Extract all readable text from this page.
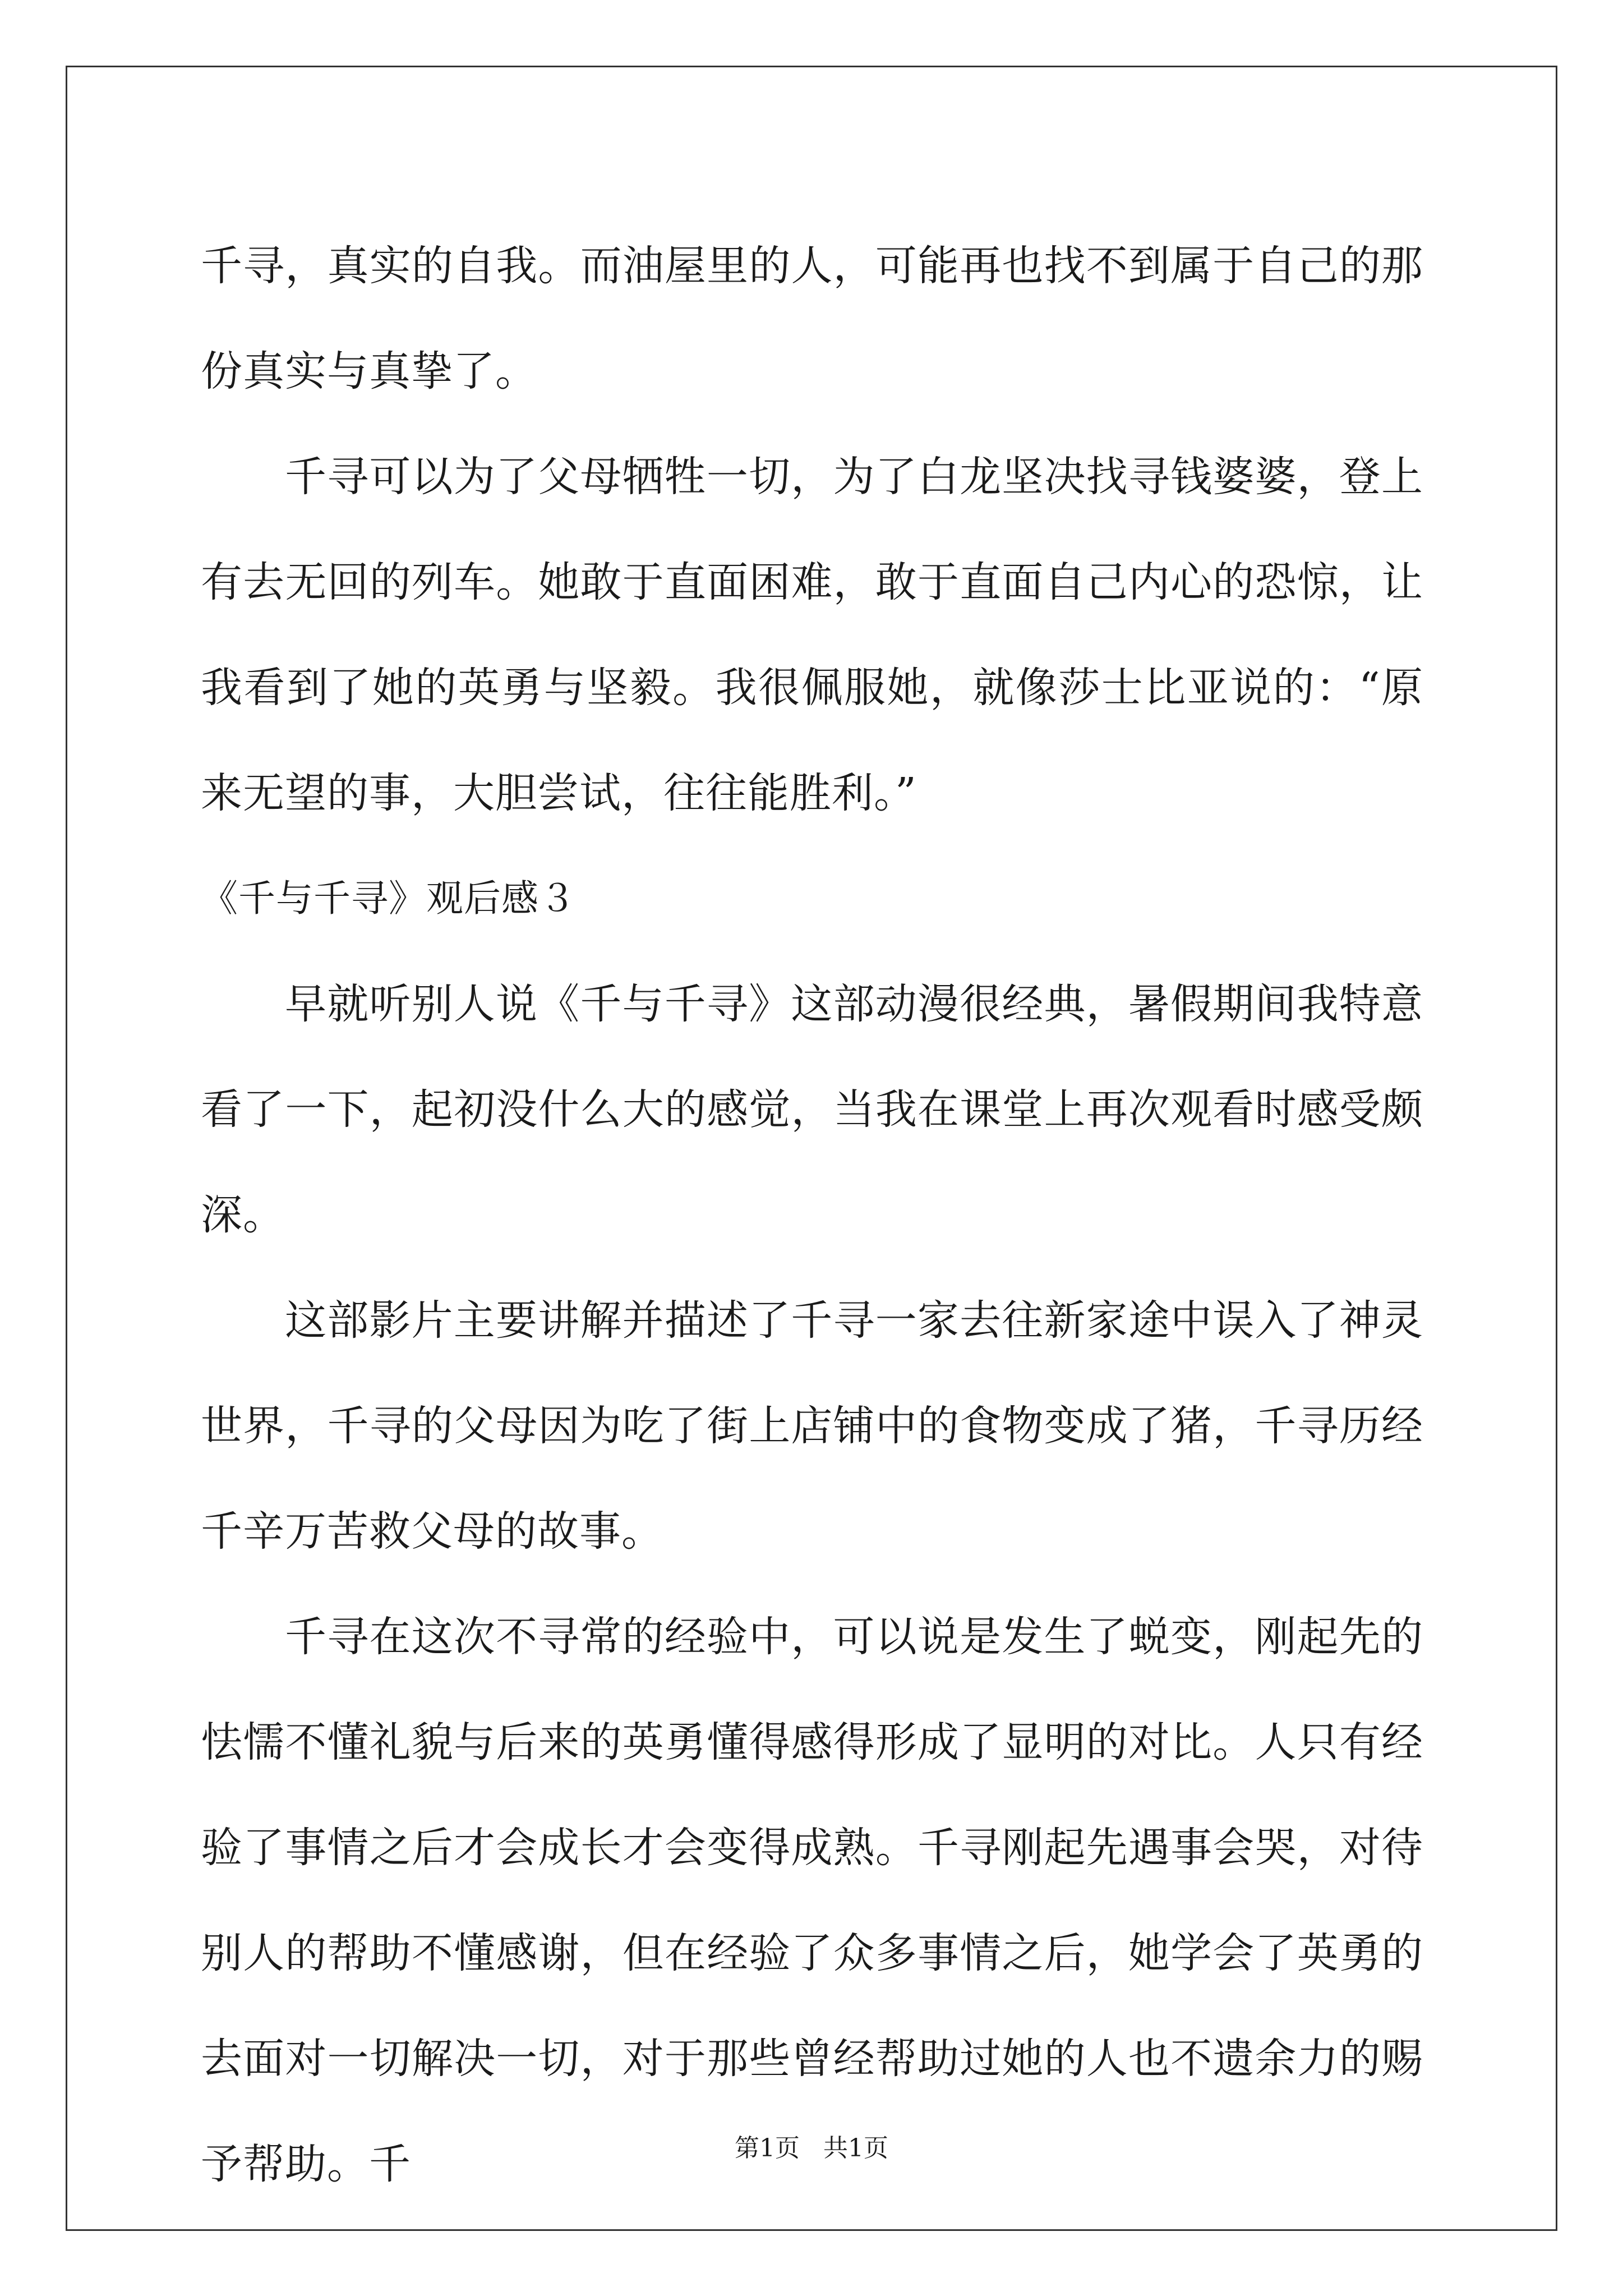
千寻，真实的自我。而油屋里的人，可能再也找不到属于自己的那份真实与真挚了。

千寻可以为了父母牺牲一切，为了白龙坚决找寻钱婆婆，登上有去无回的列车。她敢于直面困难，敢于直面自己内心的恐惊，让我看到了她的英勇与坚毅。我很佩服她，就像莎士比亚说的：“原来无望的事，大胆尝试，往往能胜利。”

《千与千寻》观后感３

早就听别人说《千与千寻》这部动漫很经典，暑假期间我特意看了一下，起初没什么大的感觉，当我在课堂上再次观看时感受颇深。

这部影片主要讲解并描述了千寻一家去往新家途中误入了神灵世界，千寻的父母因为吃了街上店铺中的食物变成了猪，千寻历经千辛万苦救父母的故事。

千寻在这次不寻常的经验中，可以说是发生了蜕变，刚起先的怯懦不懂礼貌与后来的英勇懂得感得形成了显明的对比。人只有经验了事情之后才会成长才会变得成熟。千寻刚起先遇事会哭，对待别人的帮助不懂感谢，但在经验了众多事情之后，她学会了英勇的去面对一切解决一切，对于那些曾经帮助过她的人也不遗余力的赐予帮助。千	第1页 共1页
